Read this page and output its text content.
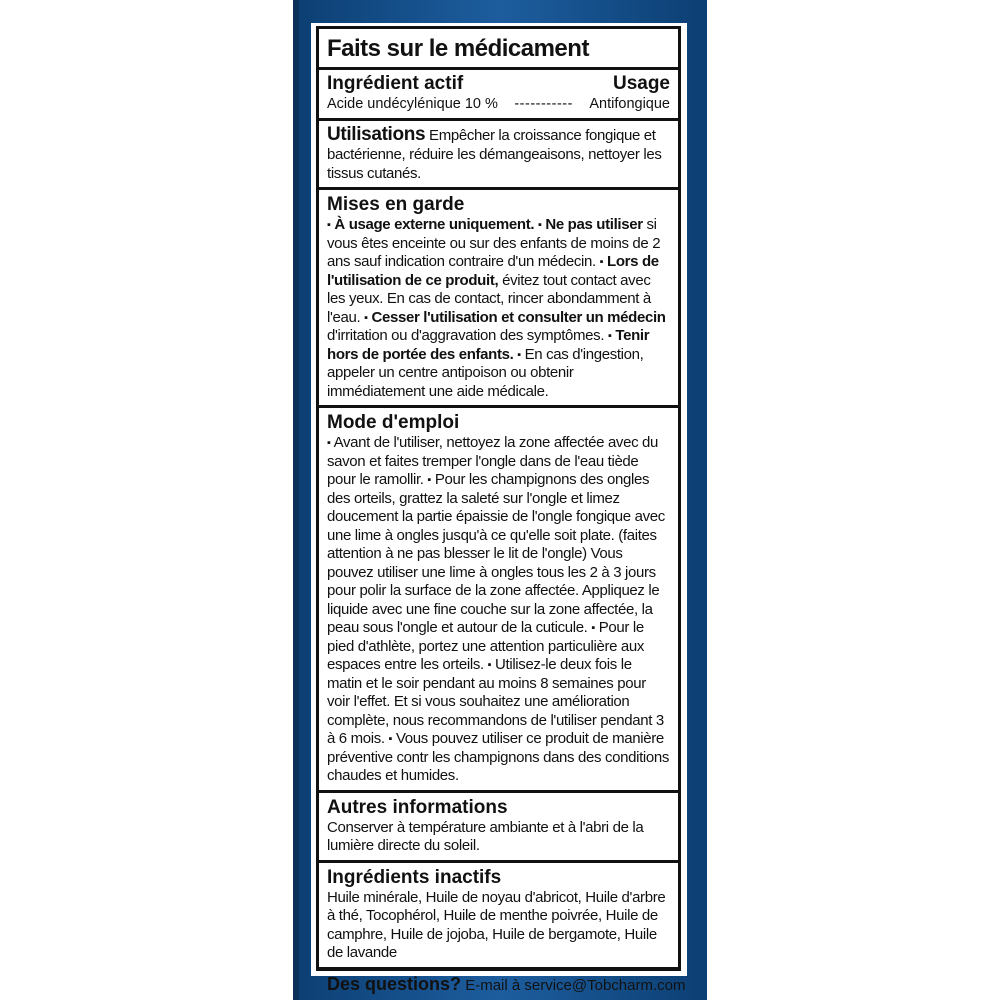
Faits sur le médicament
Ingrédient actif	Usage
Acide undécylénique 10 %	-----------	Antifongique
Utilisations Empêcher la croissance fongique et bactérienne, réduire les démangeaisons, nettoyer les tissus cutanés.
Mises en garde
▪ À usage externe uniquement. ▪ Ne pas utiliser si vous êtes enceinte ou sur des enfants de moins de 2 ans sauf indication contraire d'un médecin. ▪ Lors de l'utilisation de ce produit, évitez tout contact avec les yeux. En cas de contact, rincer abondamment à l'eau. ▪ Cesser l'utilisation et consulter un médecin d'irritation ou d'aggravation des symptômes. ▪ Tenir hors de portée des enfants. ▪ En cas d'ingestion, appeler un centre antipoison ou obtenir immédiatement une aide médicale.
Mode d'emploi
▪ Avant de l'utiliser, nettoyez la zone affectée avec du savon et faites tremper l'ongle dans de l'eau tiède pour le ramollir. ▪ Pour les champignons des ongles des orteils, grattez la saleté sur l'ongle et limez doucement la partie épaissie de l'ongle fongique avec une lime à ongles jusqu'à ce qu'elle soit plate. (faites attention à ne pas blesser le lit de l'ongle) Vous pouvez utiliser une lime à ongles tous les 2 à 3 jours pour polir la surface de la zone affectée. Appliquez le liquide avec une fine couche sur la zone affectée, la peau sous l'ongle et autour de la cuticule. ▪ Pour le pied d'athlète, portez une attention particulière aux espaces entre les orteils. ▪ Utilisez-le deux fois le matin et le soir pendant au moins 8 semaines pour voir l'effet. Et si vous souhaitez une amélioration complète, nous recommandons de l'utiliser pendant 3 à 6 mois. ▪ Vous pouvez utiliser ce produit de manière préventive contr les champignons dans des conditions chaudes et humides.
Autres informations
Conserver à température ambiante et à l'abri de la lumière directe du soleil.
Ingrédients inactifs
Huile minérale, Huile de noyau d'abricot, Huile d'arbre à thé, Tocophérol, Huile de menthe poivrée, Huile de camphre, Huile de jojoba, Huile de bergamote, Huile de lavande
Des questions? E-mail à service@Tobcharm.com
